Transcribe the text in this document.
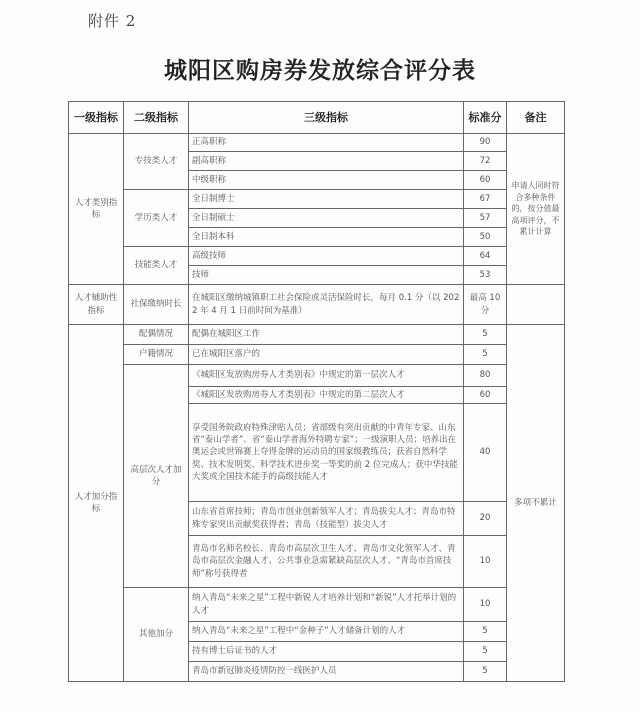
附件 2
城阳区购房券发放综合评分表
一级指标	二级指标	三级指标	标准分	备注
人才类别指标	专技类人才	正高职称	90	申请人同时符合多种条件的，按分值最高项评分，不累计计算
		副高职称	72	
		中级职称	60	
	学历类人才	全日制博士	67	
		全日制硕士	57	
		全日制本科	50	
	技能类人才	高级技师	64	
		技师	53	
人才辅助性指标	社保缴纳时长	在城阳区缴纳城镇职工社会保险或灵活保险时长，每月 0.1 分（以 2022 年 4 月 1 日前时间为基准）	最高 10 分	
人才加分指标	配偶情况	配偶在城阳区工作	5	多项不累计
	户籍情况	已在城阳区落户的	5	
	高层次人才加分	《城阳区发放购房券人才类别表》中规定的第一层次人才	80	
		《城阳区发放购房券人才类别表》中规定的第二层次人才	60	
		享受国务院政府特殊津贴人员；省部级有突出贡献的中青年专家、山东省“泰山学者”、省“泰山学者海外特聘专家”；一级演职人员；培养出在奥运会或世锦赛上夺得金牌的运动员的国家级教练员；获省自然科学奖、技术发明奖、科学技术进步奖一等奖的前 2 位完成人；获中华技能大奖或全国技术能手的高级技能人才	40	
		山东省首席技师；青岛市创业创新领军人才；青岛拔尖人才；青岛市特殊专家突出贡献奖获得者；青岛（技能型）拔尖人才	20	
		青岛市名师名校长、青岛市高层次卫生人才、青岛市文化领军人才、青岛市高层次金融人才、公共事业急需紧缺高层次人才、“青岛市首席技师”称号获得者	10	
	其他加分	纳入青岛“未来之星”工程中新锐人才培养计划和“新锐”人才托举计划的人才	10	
		纳入青岛“未来之星”工程中“金种子”人才储备计划的人才	5	
		持有博士后证书的人才	5	
		青岛市新冠肺炎疫情防控一线医护人员	5	
